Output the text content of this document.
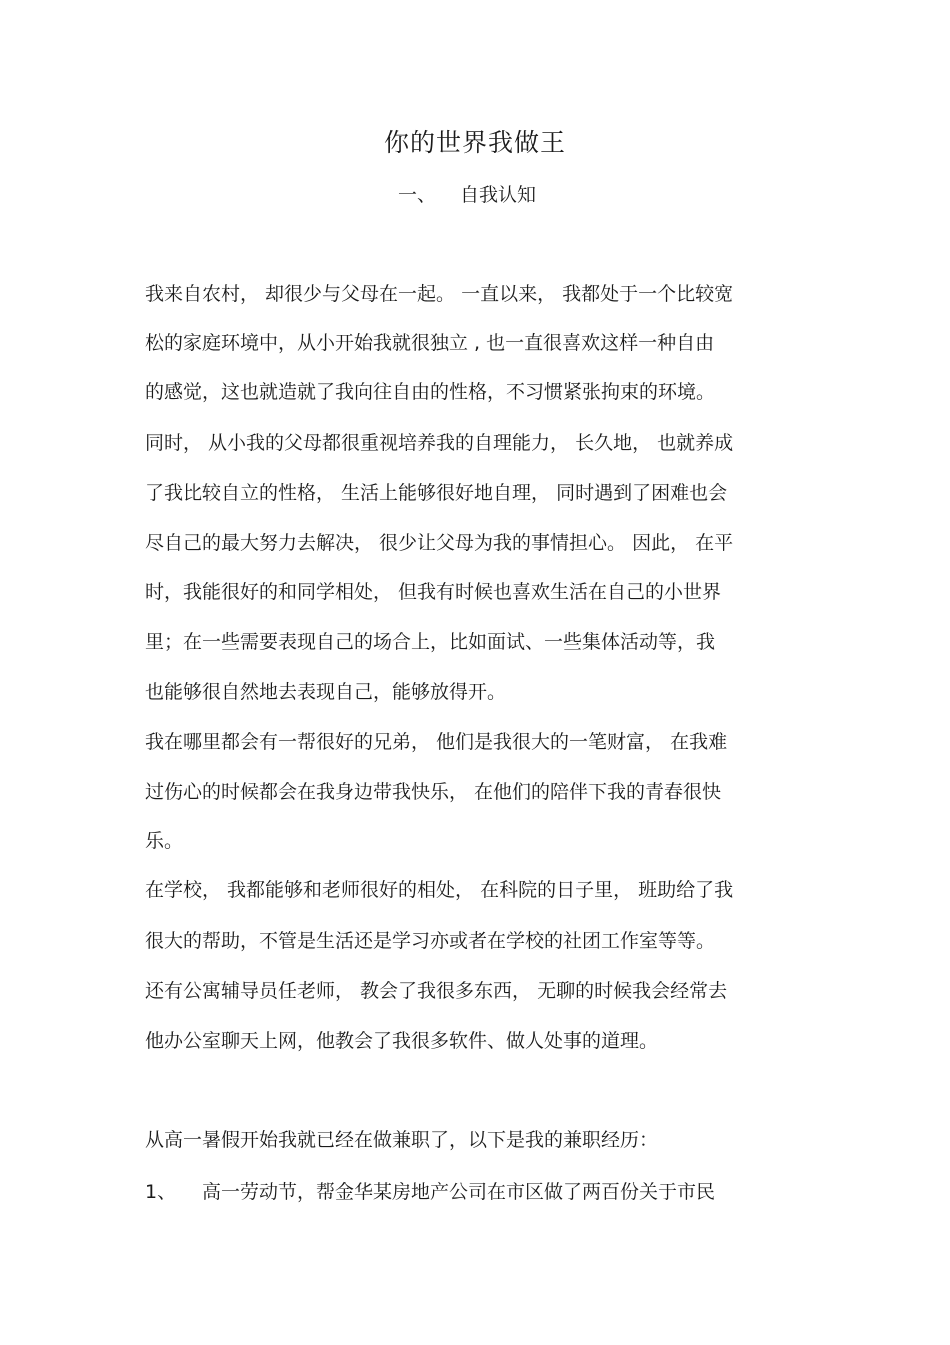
你的世界我做王
一、 自我认知
我来自农村， 却很少与父母在一起。 一直以来， 我都处于一个比较宽
松的家庭环境中，从小开始我就很独立 , 也一直很喜欢这样一种自由
的感觉，这也就造就了我向往自由的性格，不习惯紧张拘束的环境。
同时， 从小我的父母都很重视培养我的自理能力， 长久地， 也就养成
了我比较自立的性格， 生活上能够很好地自理， 同时遇到了困难也会
尽自己的最大努力去解决， 很少让父母为我的事情担心。 因此， 在平
时，我能很好的和同学相处， 但我有时候也喜欢生活在自己的小世界
里；在一些需要表现自己的场合上，比如面试、一些集体活动等，我
也能够很自然地去表现自己，能够放得开。
我在哪里都会有一帮很好的兄弟， 他们是我很大的一笔财富， 在我难
过伤心的时候都会在我身边带我快乐， 在他们的陪伴下我的青春很快
乐。
在学校， 我都能够和老师很好的相处， 在科院的日子里， 班助给了我
很大的帮助，不管是生活还是学习亦或者在学校的社团工作室等等。
还有公寓辅导员任老师， 教会了我很多东西， 无聊的时候我会经常去
他办公室聊天上网，他教会了我很多软件、做人处事的道理。
从高一暑假开始我就已经在做兼职了，以下是我的兼职经历：
1、 高一劳动节，帮金华某房地产公司在市区做了两百份关于市民
